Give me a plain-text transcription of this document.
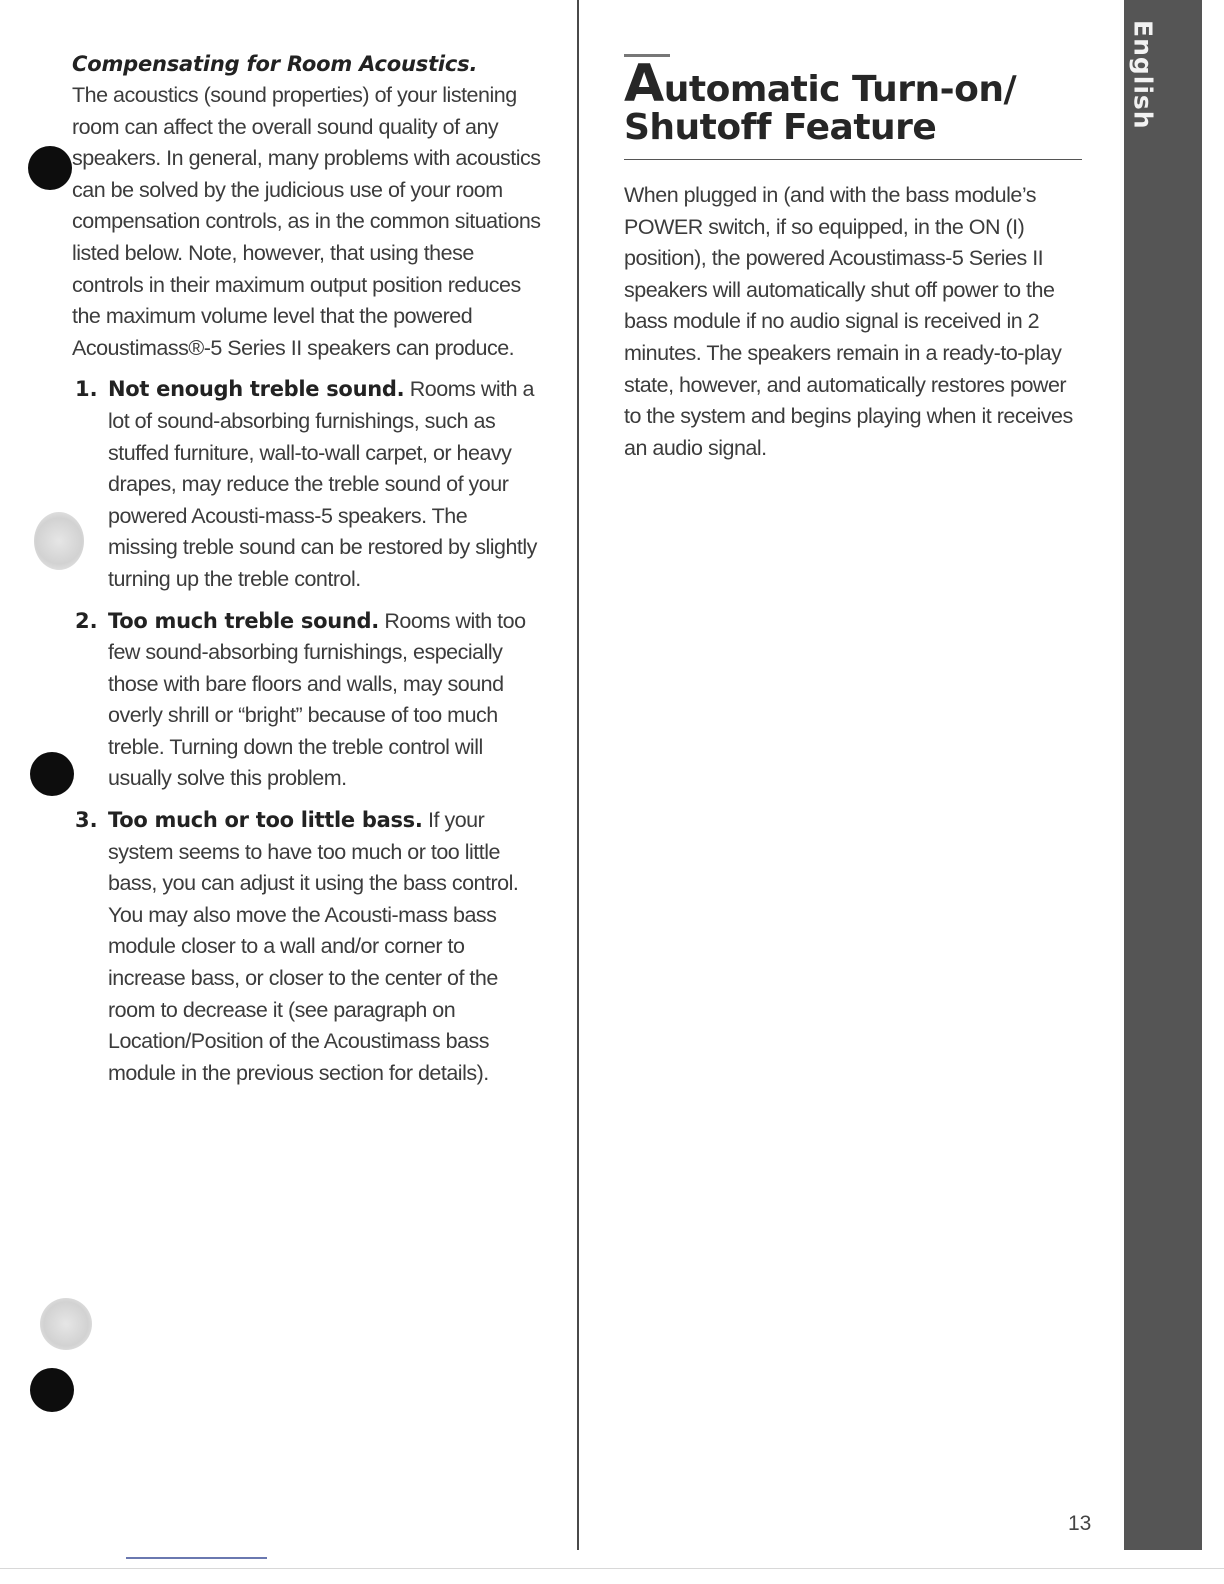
Compensating for Room Acoustics.

The acoustics (sound properties) of your listening room can affect the overall sound quality of any speakers. In general, many problems with acoustics can be solved by the judicious use of your room compensation controls, as in the common situations listed below. Note, however, that using these controls in their maximum output position reduces the maximum volume level that the powered Acoustimass®-5 Series II speakers can produce.

1. Not enough treble sound. Rooms with a lot of sound-absorbing furnishings, such as stuffed furniture, wall-to-wall carpet, or heavy drapes, may reduce the treble sound of your powered Acousti-mass-5 speakers. The missing treble sound can be restored by slightly turning up the treble control.

2. Too much treble sound. Rooms with too few sound-absorbing furnishings, especially those with bare floors and walls, may sound overly shrill or “bright” because of too much treble. Turning down the treble control will usually solve this problem.

3. Too much or too little bass. If your system seems to have too much or too little bass, you can adjust it using the bass control. You may also move the Acousti-mass bass module closer to a wall and/or corner to increase bass, or closer to the center of the room to decrease it (see paragraph on Location/Position of the Acoustimass bass module in the previous section for details).

Automatic Turn-on/
Shutoff Feature

When plugged in (and with the bass module’s POWER switch, if so equipped, in the ON (I) position), the powered Acoustimass-5 Series II speakers will automatically shut off power to the bass module if no audio signal is received in 2 minutes. The speakers remain in a ready-to-play state, however, and automatically restores power to the system and begins playing when it receives an audio signal.

English
13
